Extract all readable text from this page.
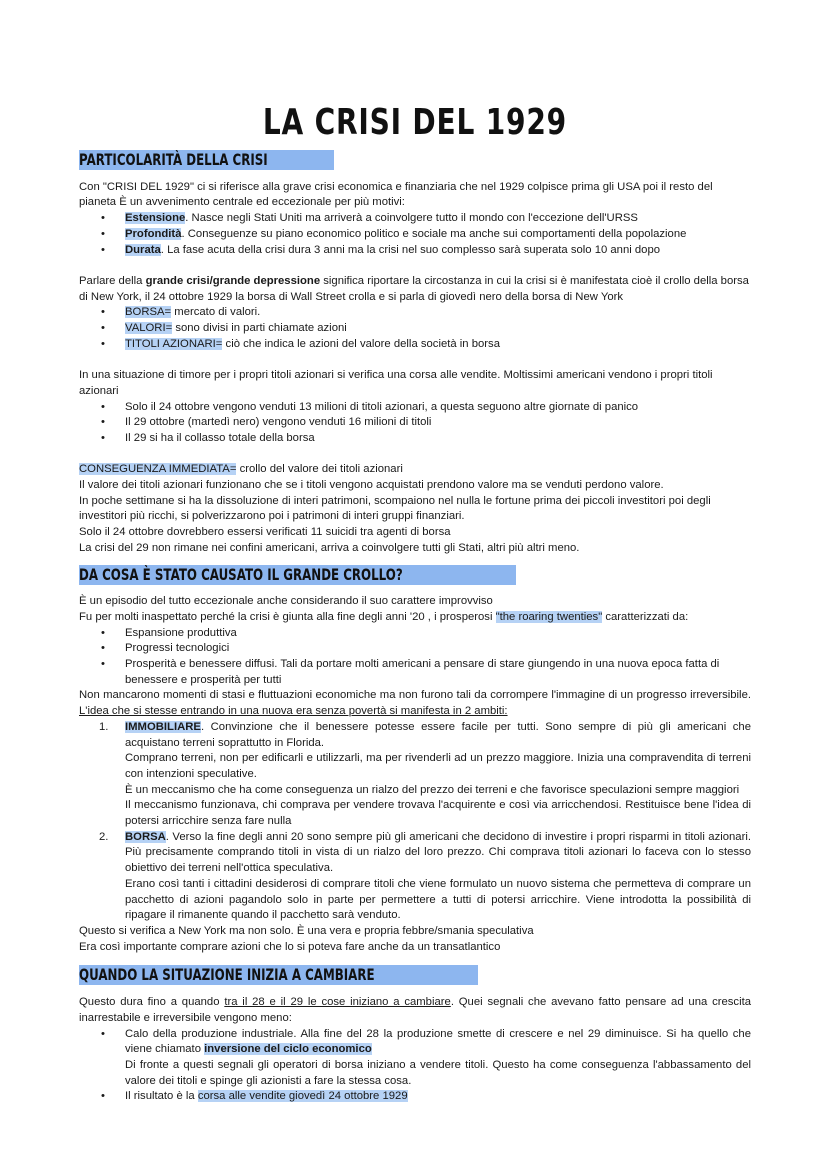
LA CRISI DEL 1929
PARTICOLARITÀ DELLA CRISI

Con "CRISI DEL 1929" ci si riferisce alla grave crisi economica e finanziaria che nel 1929 colpisce prima gli USA poi il resto del pianeta È un avvenimento centrale ed eccezionale per più motivi:

• Estensione. Nasce negli Stati Uniti ma arriverà a coinvolgere tutto il mondo con l'eccezione dell'URSS
• Profondità. Conseguenze su piano economico politico e sociale ma anche sui comportamenti della popolazione
• Durata. La fase acuta della crisi dura 3 anni ma la crisi nel suo complesso sarà superata solo 10 anni dopo

Parlare della grande crisi/grande depressione significa riportare la circostanza in cui la crisi si è manifestata cioè il crollo della borsa di New York, il 24 ottobre 1929 la borsa di Wall Street crolla e si parla di giovedì nero della borsa di New York

• BORSA= mercato di valori.
• VALORI= sono divisi in parti chiamate azioni
• TITOLI AZIONARI= ciò che indica le azioni del valore della società in borsa

In una situazione di timore per i propri titoli azionari si verifica una corsa alle vendite. Moltissimi americani vendono i propri titoli azionari

• Solo il 24 ottobre vengono venduti 13 milioni di titoli azionari, a questa seguono altre giornate di panico
• Il 29 ottobre (martedì nero) vengono venduti 16 milioni di titoli
• Il 29 si ha il collasso totale della borsa

CONSEGUENZA IMMEDIATA= crollo del valore dei titoli azionari

Il valore dei titoli azionari funzionano che se i titoli vengono acquistati prendono valore ma se venduti perdono valore.

In poche settimane si ha la dissoluzione di interi patrimoni, scompaiono nel nulla le fortune prima dei piccoli investitori poi degli investitori più ricchi, si polverizzarono poi i patrimoni di interi gruppi finanziari.

Solo il 24 ottobre dovrebbero essersi verificati 11 suicidi tra agenti di borsa

La crisi del 29 non rimane nei confini americani, arriva a coinvolgere tutti gli Stati, altri più altri meno.

DA COSA È STATO CAUSATO IL GRANDE CROLLO?

È un episodio del tutto eccezionale anche considerando il suo carattere improvviso

Fu per molti inaspettato perché la crisi è giunta alla fine degli anni '20 , i prosperosi "the roaring twenties" caratterizzati da:

• Espansione produttiva
• Progressi tecnologici
• Prosperità e benessere diffusi. Tali da portare molti americani a pensare di stare giungendo in una nuova epoca fatta di benessere e prosperità per tutti

Non mancarono momenti di stasi e fluttuazioni economiche ma non furono tali da corrompere l'immagine di un progresso irreversibile. L'idea che si stesse entrando in una nuova era senza povertà si manifesta in 2 ambiti:

1. IMMOBILIARE. Convinzione che il benessere potesse essere facile per tutti. Sono sempre di più gli americani che acquistano terreni soprattutto in Florida.
Comprano terreni, non per edificarli e utilizzarli, ma per rivenderli ad un prezzo maggiore. Inizia una compravendita di terreni con intenzioni speculative.
È un meccanismo che ha come conseguenza un rialzo del prezzo dei terreni e che favorisce speculazioni sempre maggiori
Il meccanismo funzionava, chi comprava per vendere trovava l'acquirente e così via arricchendosi. Restituisce bene l'idea di potersi arricchire senza fare nulla
2. BORSA. Verso la fine degli anni 20 sono sempre più gli americani che decidono di investire i propri risparmi in titoli azionari. Più precisamente comprando titoli in vista di un rialzo del loro prezzo. Chi comprava titoli azionari lo faceva con lo stesso obiettivo dei terreni nell'ottica speculativa.
Erano così tanti i cittadini desiderosi di comprare titoli che viene formulato un nuovo sistema che permetteva di comprare un pacchetto di azioni pagandolo solo in parte per permettere a tutti di potersi arricchire. Viene introdotta la possibilità di ripagare il rimanente quando il pacchetto sarà venduto.

Questo si verifica a New York ma non solo. È una vera e propria febbre/smania speculativa

Era così importante comprare azioni che lo si poteva fare anche da un transatlantico

QUANDO LA SITUAZIONE INIZIA A CAMBIARE

Questo dura fino a quando tra il 28 e il 29 le cose iniziano a cambiare. Quei segnali che avevano fatto pensare ad una crescita inarrestabile e irreversibile vengono meno:

• Calo della produzione industriale. Alla fine del 28 la produzione smette di crescere e nel 29 diminuisce. Si ha quello che viene chiamato inversione del ciclo economico
Di fronte a questi segnali gli operatori di borsa iniziano a vendere titoli. Questo ha come conseguenza l'abbassamento del valore dei titoli e spinge gli azionisti a fare la stessa cosa.
• Il risultato è la corsa alle vendite giovedì 24 ottobre 1929
